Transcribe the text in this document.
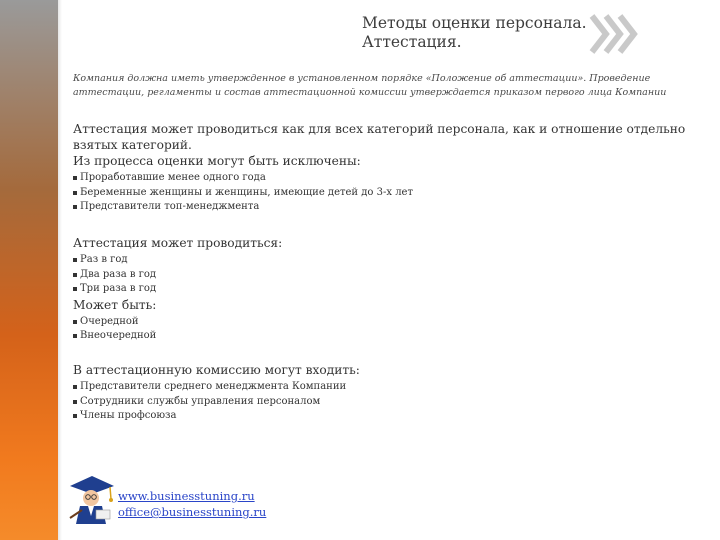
Методы оценки персонала.
Аттестация.
Компания должна иметь утвержденное в установленном порядке «Положение об аттестации». Проведение аттестации, регламенты и состав аттестационной комиссии утверждается приказом первого лица Компании
Аттестация может проводиться как для всех категорий персонала, как и отношение отдельно взятых категорий.
Из процесса оценки могут быть исключены:
Проработавшие менее одного года
Беременные женщины и женщины, имеющие детей до 3-х лет
Представители топ-менеджмента
Аттестация может проводиться:
Раз в год
Два раза в год
Три раза в год
Может быть:
Очередной
Внеочередной
В аттестационную комиссию могут входить:
Представители среднего менеджмента Компании
Сотрудники службы управления персоналом
Члены профсоюза
www.businesstuning.ru
office@businesstuning.ru
